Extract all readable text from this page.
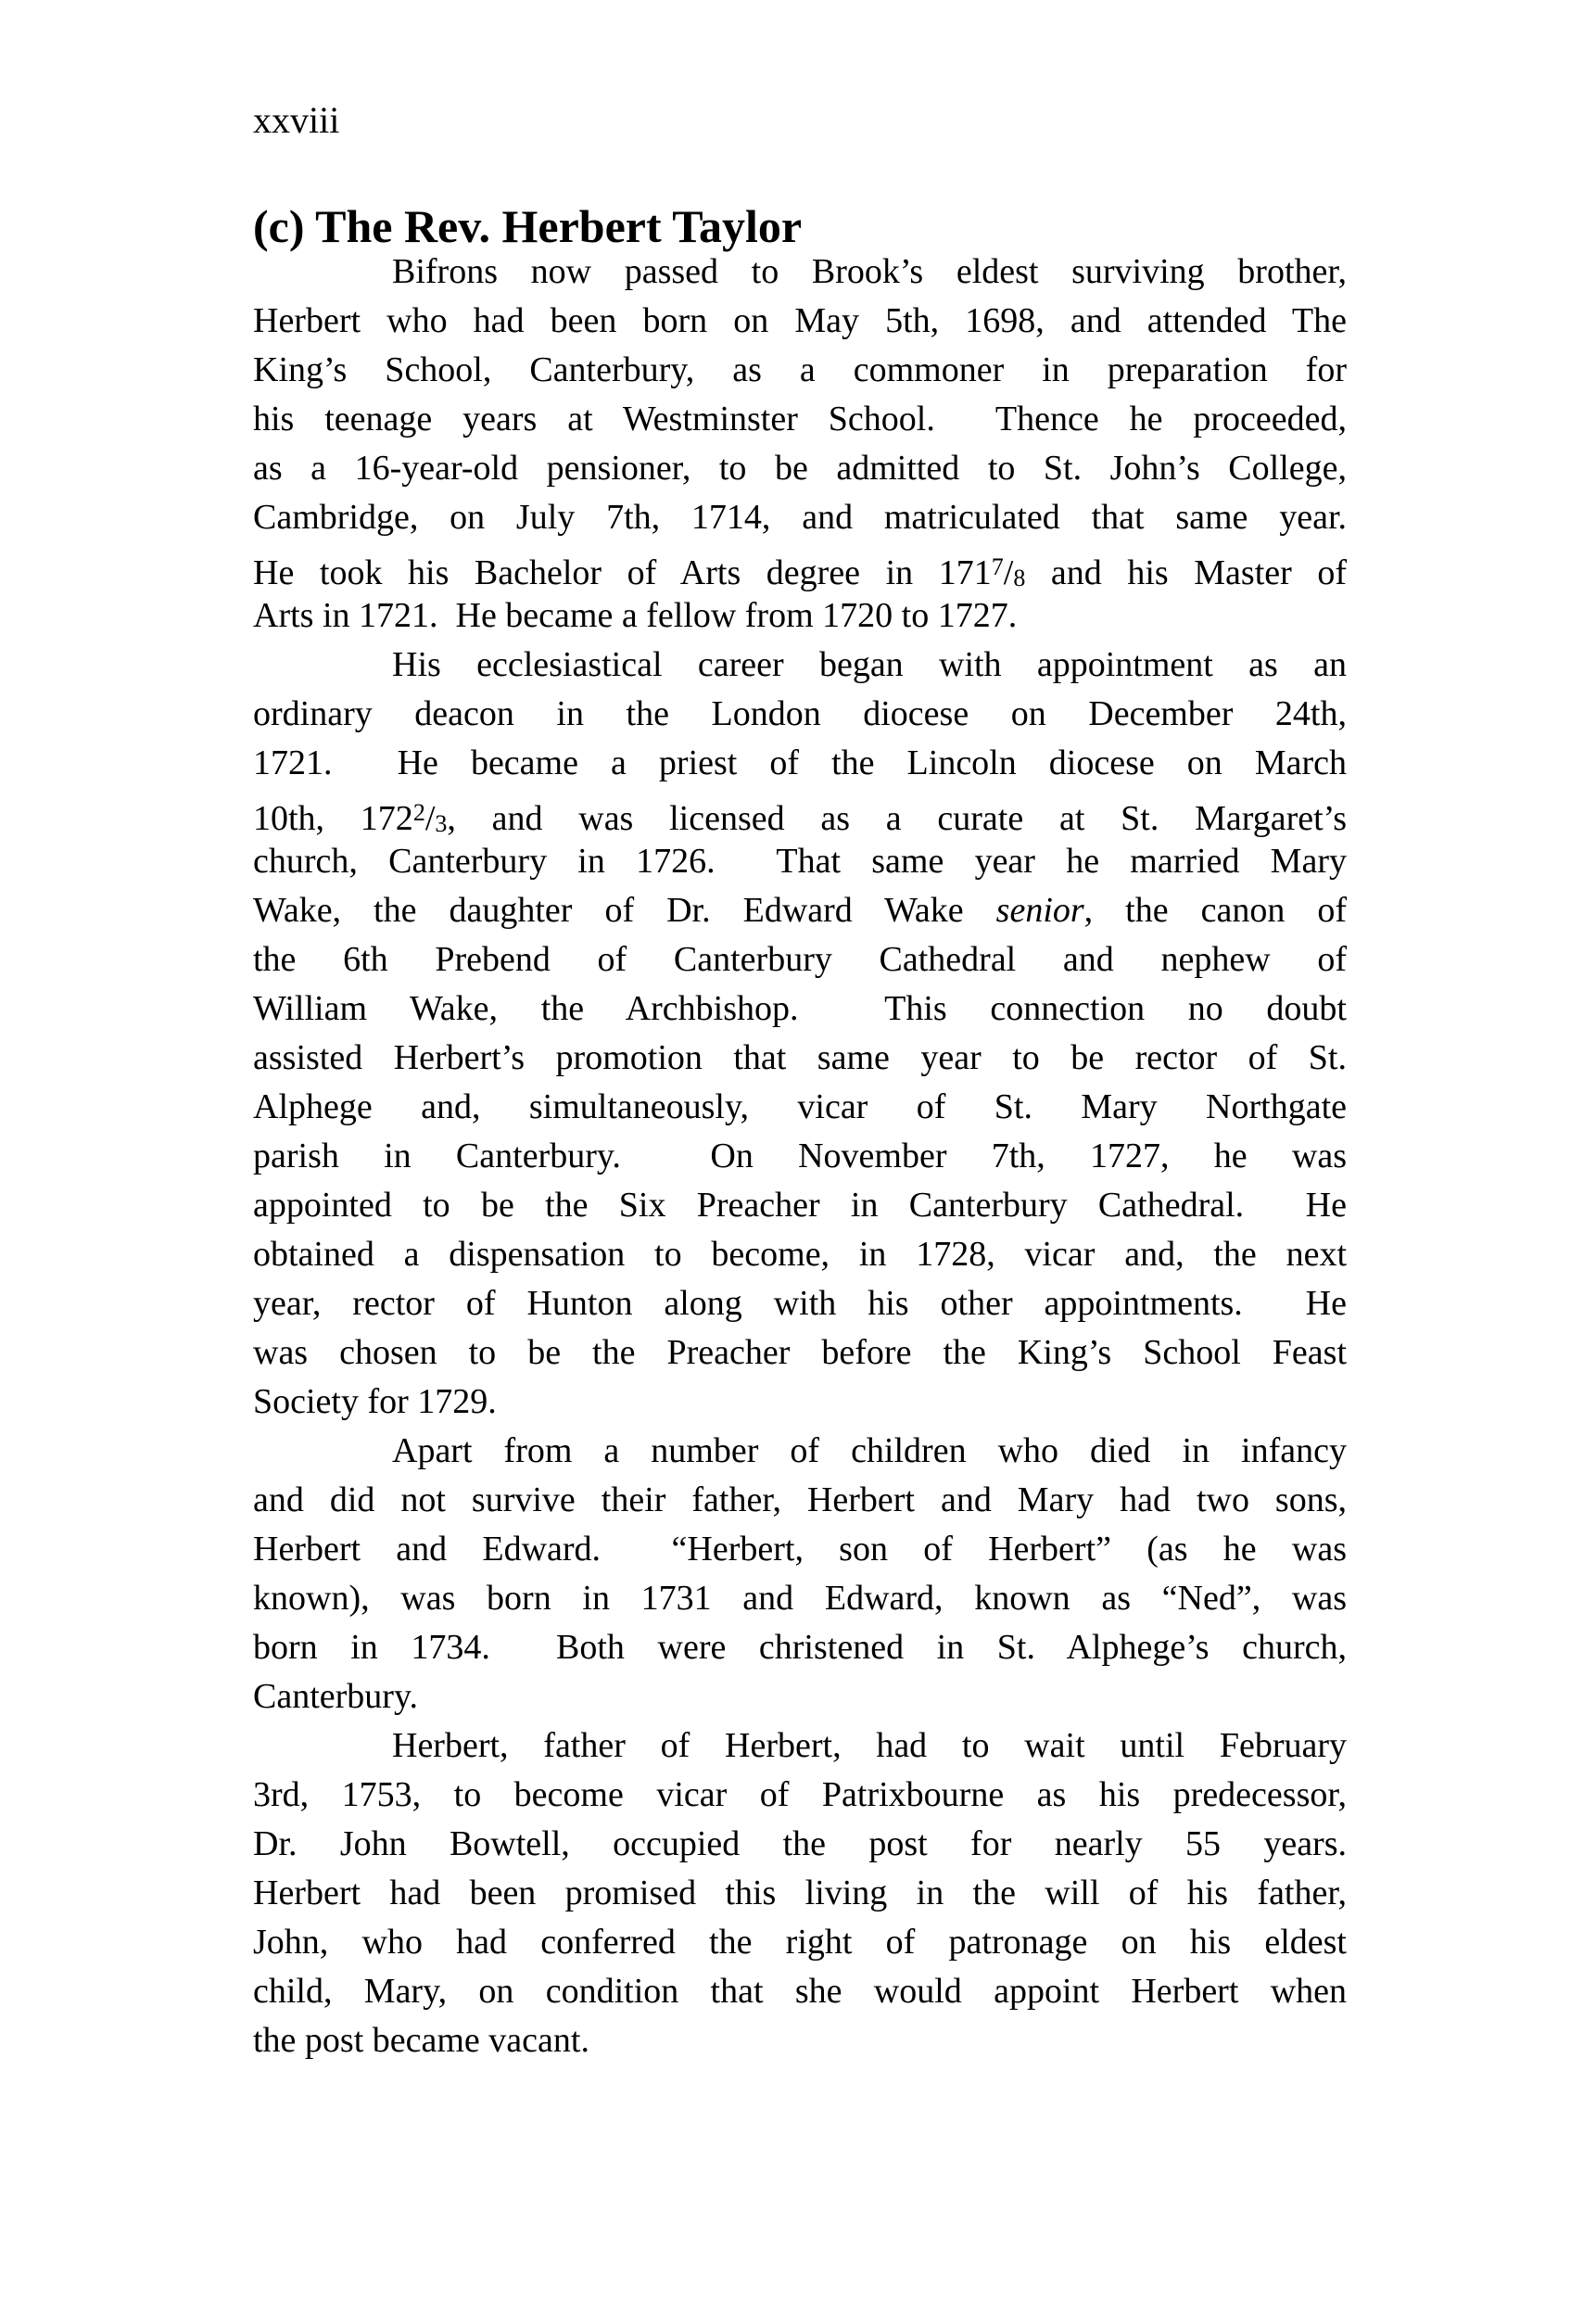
xxviii
(c) The Rev. Herbert Taylor
Bifrons now passed to Brook’s eldest surviving brother,
Herbert who had been born on May 5th, 1698, and attended The
King’s School, Canterbury, as a commoner in preparation for
his teenage years at Westminster School.  Thence he proceeded,
as a 16-year-old pensioner, to be admitted to St. John’s College,
Cambridge, on July 7th, 1714, and matriculated that same year.
He took his Bachelor of Arts degree in $171^7/8$ and his Master of
Arts in 1721.  He became a fellow from 1720 to 1727.
His ecclesiastical career began with appointment as an
ordinary deacon in the London diocese on December 24th,
1721.  He became a priest of the Lincoln diocese on March
10th, $172^2/3$, and was licensed as a curate at St. Margaret’s
church, Canterbury in 1726.  That same year he married Mary
Wake, the daughter of Dr. Edward Wake senior, the canon of
the 6th Prebend of Canterbury Cathedral and nephew of
William Wake, the Archbishop.  This connection no doubt
assisted Herbert’s promotion that same year to be rector of St.
Alphege and, simultaneously, vicar of St. Mary Northgate
parish in Canterbury.  On November 7th, 1727, he was
appointed to be the Six Preacher in Canterbury Cathedral.  He
obtained a dispensation to become, in 1728, vicar and, the next
year, rector of Hunton along with his other appointments.  He
was chosen to be the Preacher before the King’s School Feast
Society for 1729.
Apart from a number of children who died in infancy
and did not survive their father, Herbert and Mary had two sons,
Herbert and Edward.  “Herbert, son of Herbert” (as he was
known), was born in 1731 and Edward, known as “Ned”, was
born in 1734.  Both were christened in St. Alphege’s church,
Canterbury.
Herbert, father of Herbert, had to wait until February
3rd, 1753, to become vicar of Patrixbourne as his predecessor,
Dr. John Bowtell, occupied the post for nearly 55 years.
Herbert had been promised this living in the will of his father,
John, who had conferred the right of patronage on his eldest
child, Mary, on condition that she would appoint Herbert when
the post became vacant.
